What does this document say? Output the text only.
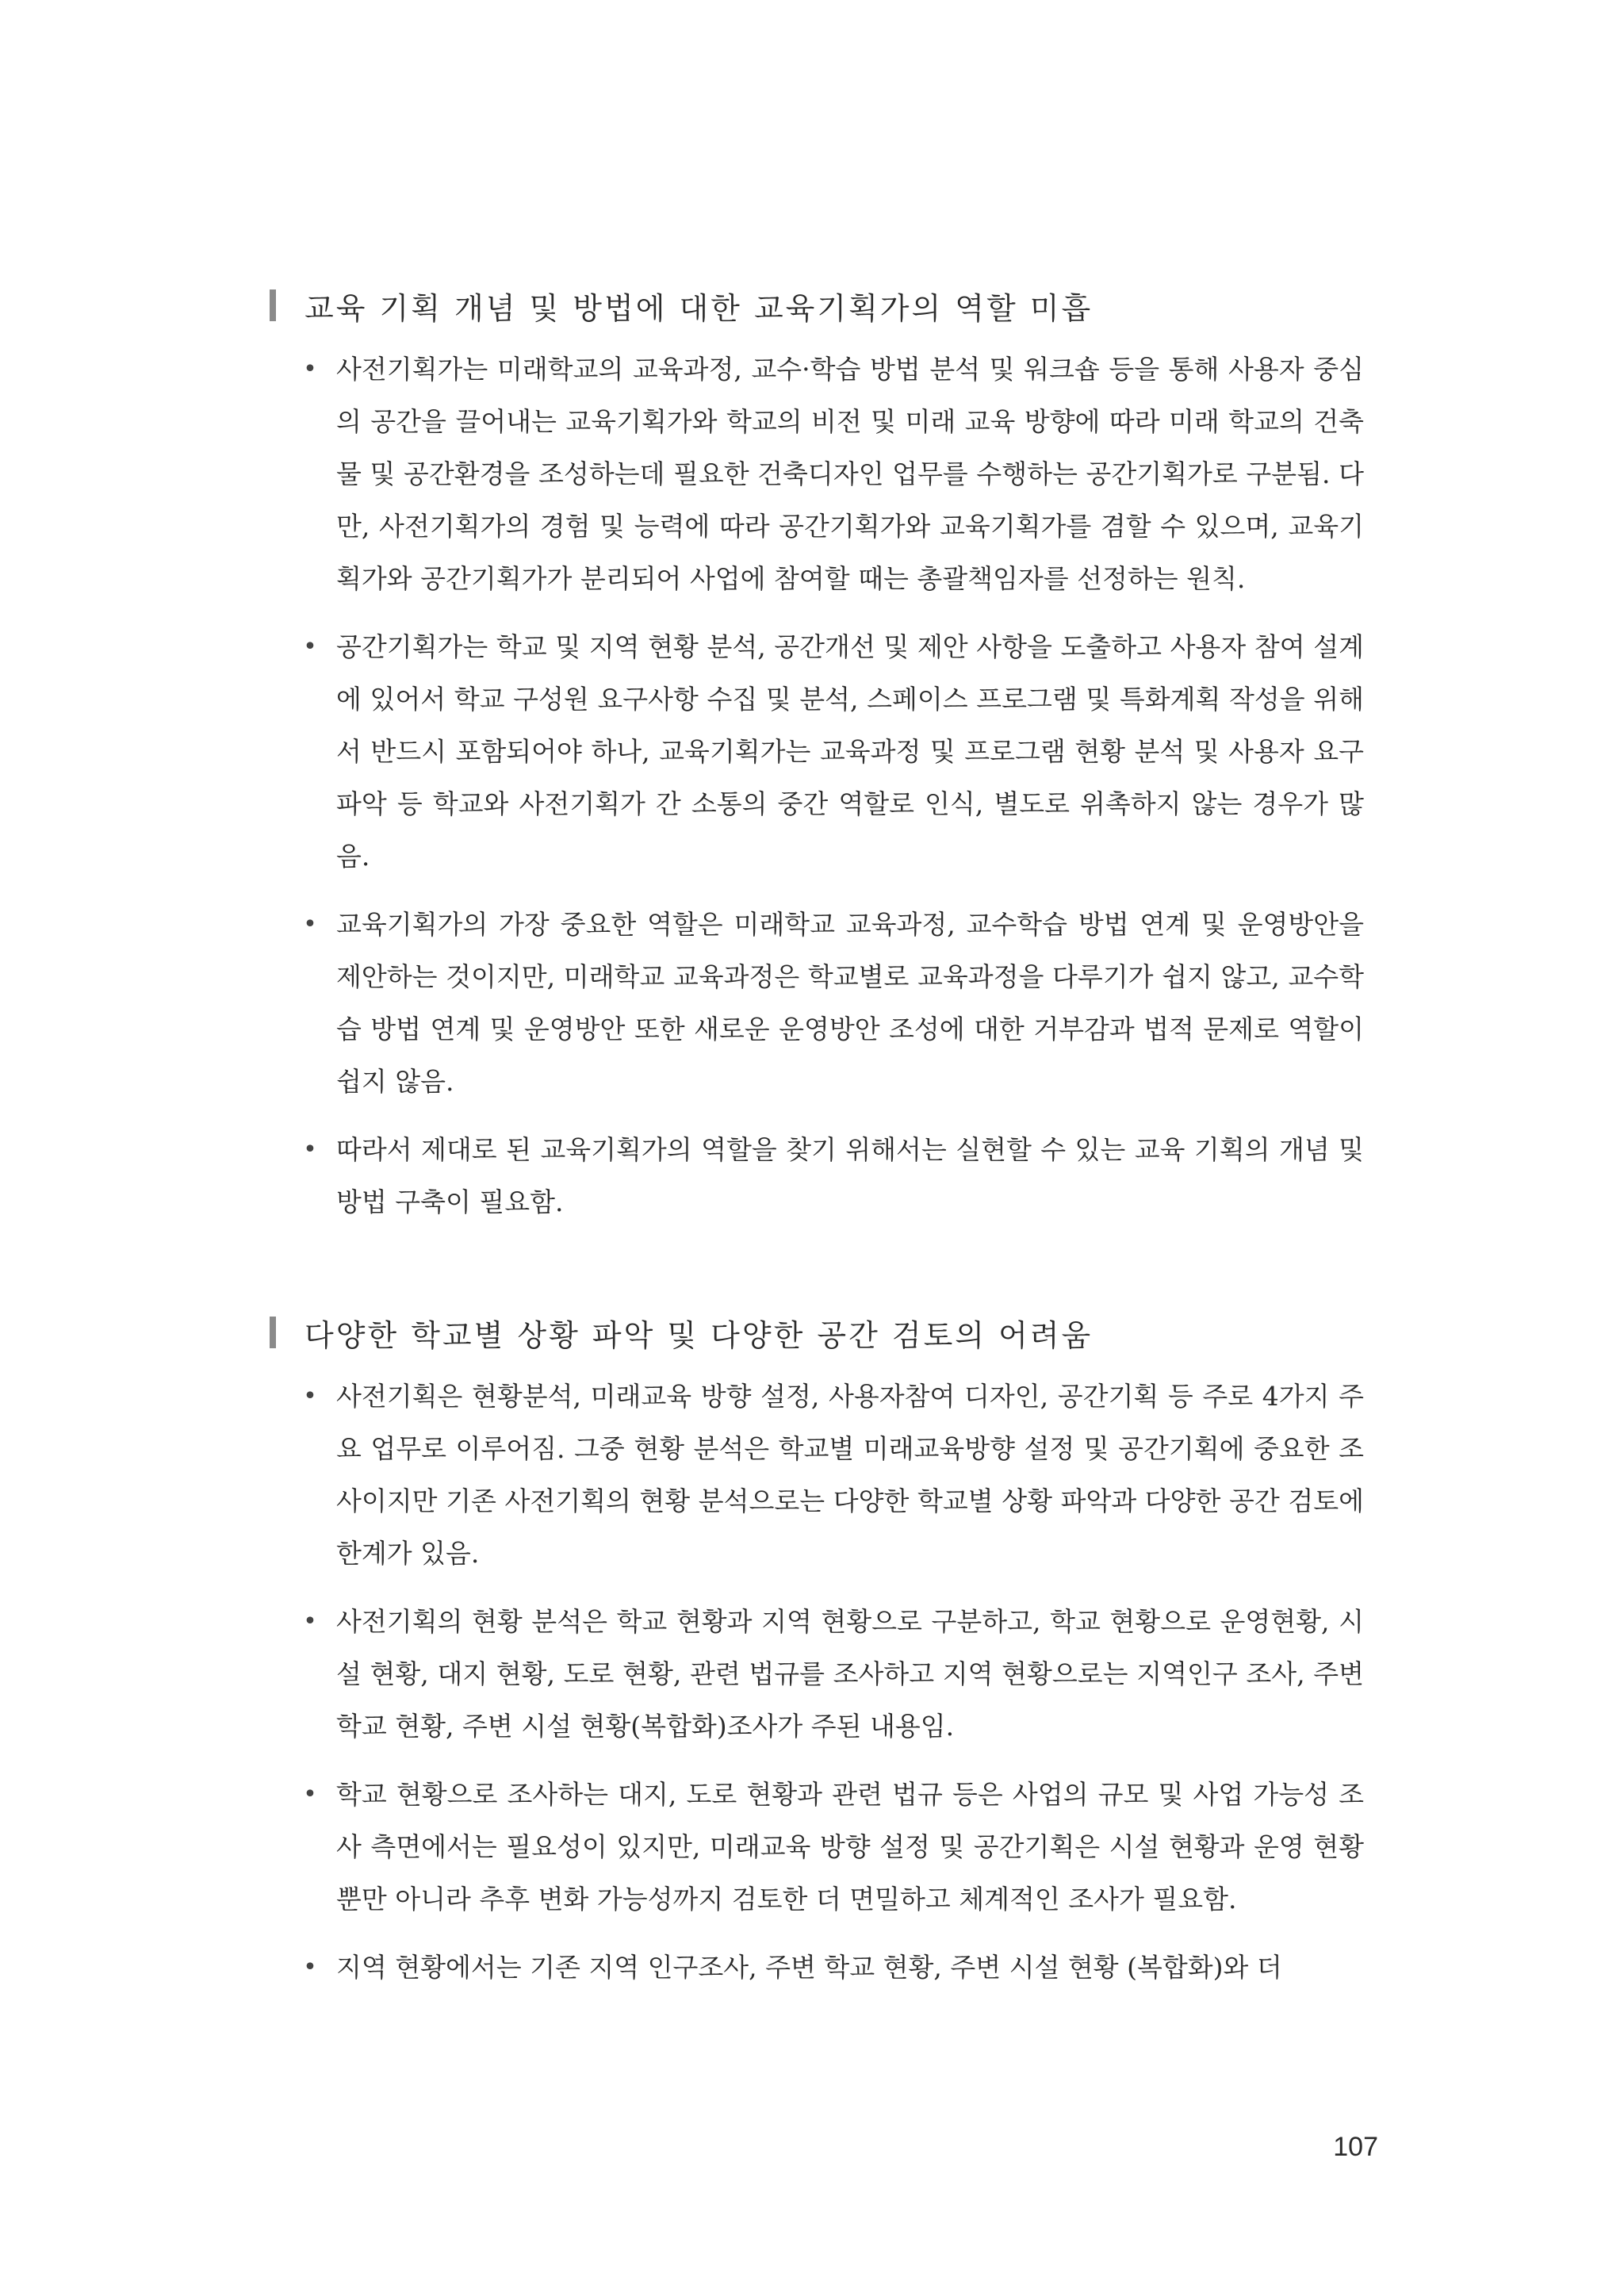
교육 기획 개념 및 방법에 대한 교육기획가의 역할 미흡
• 사전기획가는 미래학교의 교육과정, 교수·학습 방법 분석 및 워크숍 등을 통해 사용자 중심의 공간을 끌어내는 교육기획가와 학교의 비전 및 미래 교육 방향에 따라 미래 학교의 건축물 및 공간환경을 조성하는데 필요한 건축디자인 업무를 수행하는 공간기획가로 구분됨. 다만, 사전기획가의 경험 및 능력에 따라 공간기획가와 교육기획가를 겸할 수 있으며, 교육기획가와 공간기획가가 분리되어 사업에 참여할 때는 총괄책임자를 선정하는 원칙.
• 공간기획가는 학교 및 지역 현황 분석, 공간개선 및 제안 사항을 도출하고 사용자 참여 설계에 있어서 학교 구성원 요구사항 수집 및 분석, 스페이스 프로그램 및 특화계획 작성을 위해서 반드시 포함되어야 하나, 교육기획가는 교육과정 및 프로그램 현황 분석 및 사용자 요구 파악 등 학교와 사전기획가 간 소통의 중간 역할로 인식, 별도로 위촉하지 않는 경우가 많음.
• 교육기획가의 가장 중요한 역할은 미래학교 교육과정, 교수학습 방법 연계 및 운영방안을 제안하는 것이지만, 미래학교 교육과정은 학교별로 교육과정을 다루기가 쉽지 않고, 교수학습 방법 연계 및 운영방안 또한 새로운 운영방안 조성에 대한 거부감과 법적 문제로 역할이 쉽지 않음.
• 따라서 제대로 된 교육기획가의 역할을 찾기 위해서는 실현할 수 있는 교육 기획의 개념 및 방법 구축이 필요함.
다양한 학교별 상황 파악 및 다양한 공간 검토의 어려움
• 사전기획은 현황분석, 미래교육 방향 설정, 사용자참여 디자인, 공간기획 등 주로 4가지 주요 업무로 이루어짐. 그중 현황 분석은 학교별 미래교육방향 설정 및 공간기획에 중요한 조사이지만 기존 사전기획의 현황 분석으로는 다양한 학교별 상황 파악과 다양한 공간 검토에 한계가 있음.
• 사전기획의 현황 분석은 학교 현황과 지역 현황으로 구분하고, 학교 현황으로 운영현황, 시설 현황, 대지 현황, 도로 현황, 관련 법규를 조사하고 지역 현황으로는 지역인구 조사, 주변 학교 현황, 주변 시설 현황(복합화)조사가 주된 내용임.
• 학교 현황으로 조사하는 대지, 도로 현황과 관련 법규 등은 사업의 규모 및 사업 가능성 조사 측면에서는 필요성이 있지만, 미래교육 방향 설정 및 공간기획은 시설 현황과 운영 현황뿐만 아니라 추후 변화 가능성까지 검토한 더 면밀하고 체계적인 조사가 필요함.
• 지역 현황에서는 기존 지역 인구조사, 주변 학교 현황, 주변 시설 현황 (복합화)와 더
107
